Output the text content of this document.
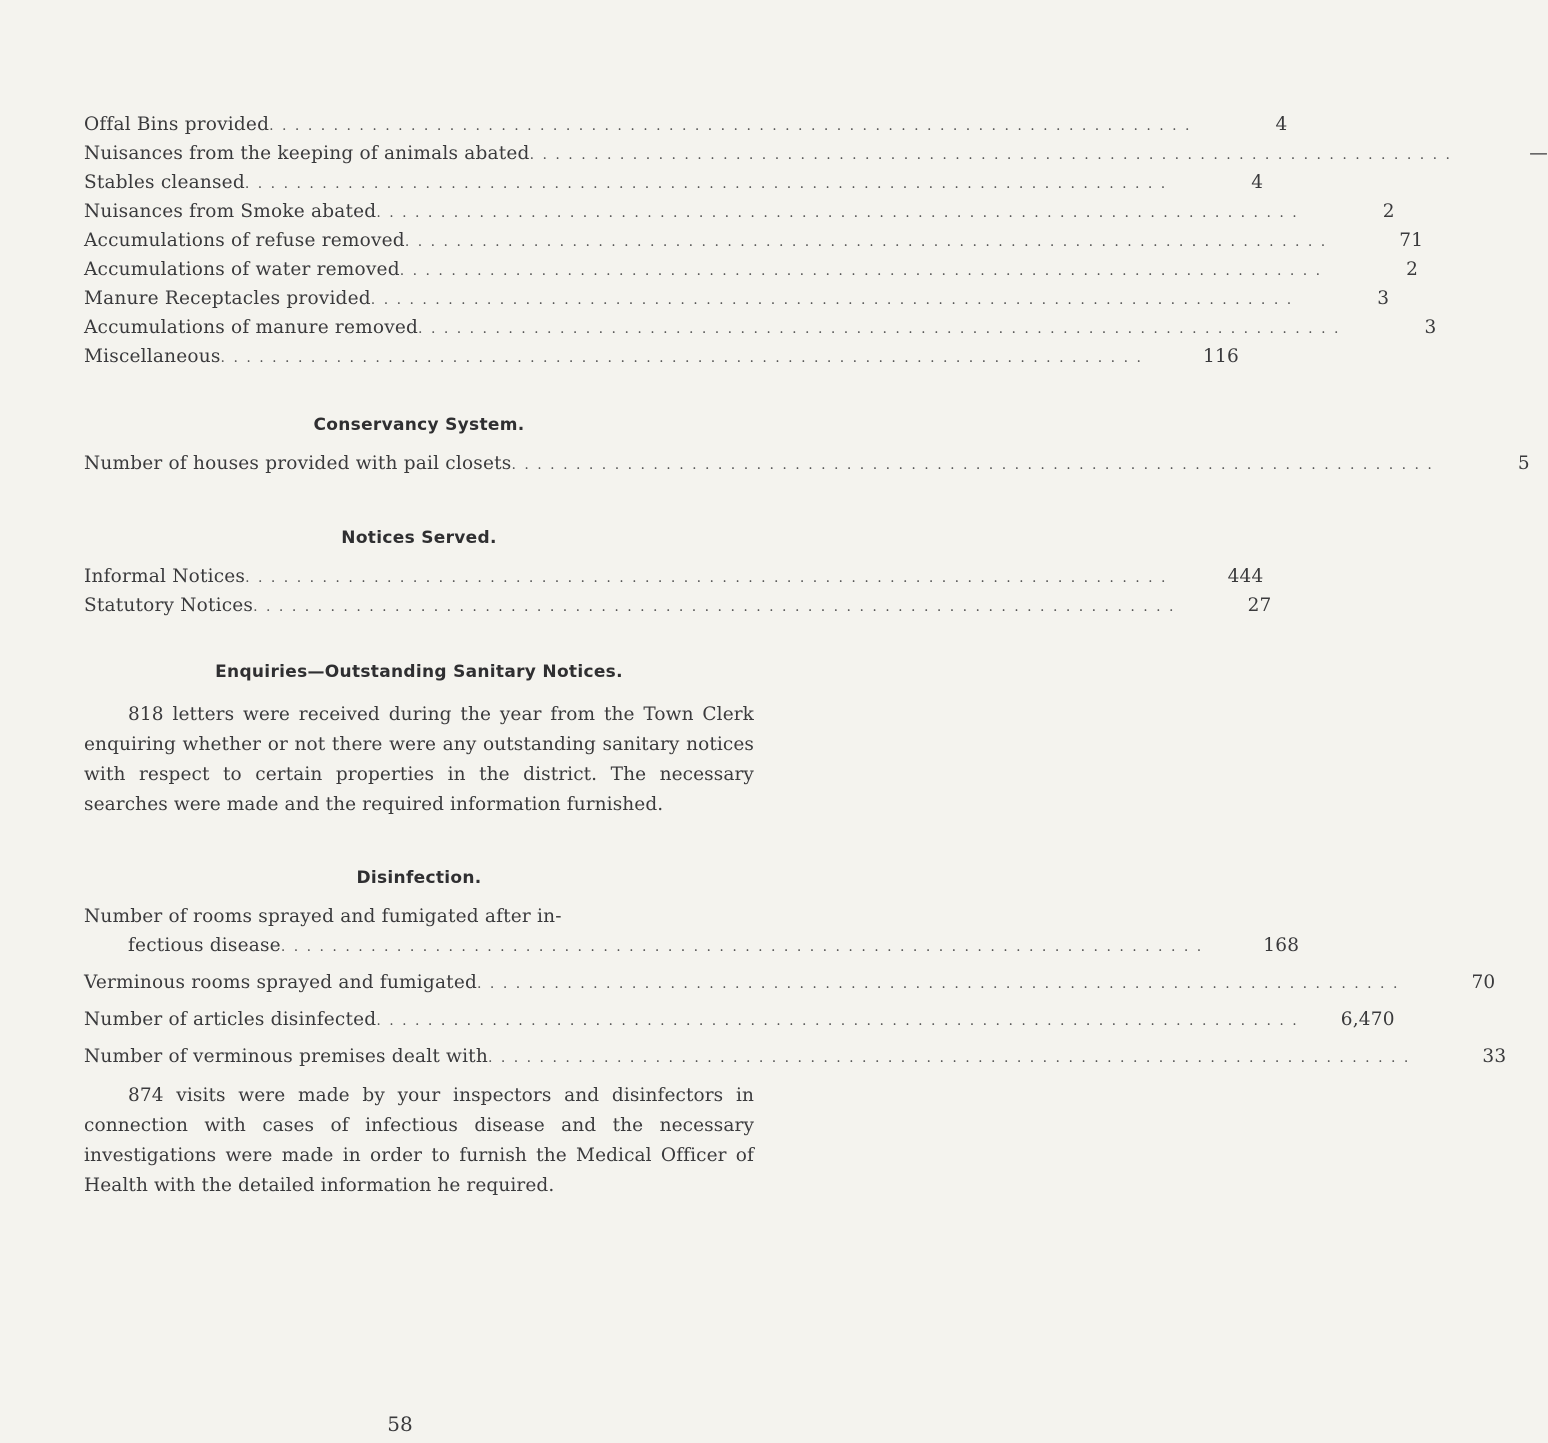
Offal Bins provided . . . . . . . . . . . . . . . . . . . . . . . . . . . . . . . . . . . . . . . . . . . . . . . . . . . . . . . . . . . . . . . . . . . . . . . .	4
Nuisances from the keeping of animals abated . . . . . . . . . . . . . . . . . . . . . . . . . . . . . . . . . . . . . . . . . . . . . . . . . . . . . . . . . . . . . . . . . . . . . . . .	—
Stables cleansed . . . . . . . . . . . . . . . . . . . . . . . . . . . . . . . . . . . . . . . . . . . . . . . . . . . . . . . . . . . . . . . . . . . . . . . .	4
Nuisances from Smoke abated . . . . . . . . . . . . . . . . . . . . . . . . . . . . . . . . . . . . . . . . . . . . . . . . . . . . . . . . . . . . . . . . . . . . . . . .	2
Accumulations of refuse removed . . . . . . . . . . . . . . . . . . . . . . . . . . . . . . . . . . . . . . . . . . . . . . . . . . . . . . . . . . . . . . . . . . . . . . . .	71
Accumulations of water removed . . . . . . . . . . . . . . . . . . . . . . . . . . . . . . . . . . . . . . . . . . . . . . . . . . . . . . . . . . . . . . . . . . . . . . . .	2
Manure Receptacles provided . . . . . . . . . . . . . . . . . . . . . . . . . . . . . . . . . . . . . . . . . . . . . . . . . . . . . . . . . . . . . . . . . . . . . . . .	3
Accumulations of manure removed . . . . . . . . . . . . . . . . . . . . . . . . . . . . . . . . . . . . . . . . . . . . . . . . . . . . . . . . . . . . . . . . . . . . . . . .	3
Miscellaneous . . . . . . . . . . . . . . . . . . . . . . . . . . . . . . . . . . . . . . . . . . . . . . . . . . . . . . . . . . . . . . . . . . . . . . . .	116
Conservancy System.
Number of houses provided with pail closets . . . . . . . . . . . . . . . . . . . . . . . . . . . . . . . . . . . . . . . . . . . . . . . . . . . . . . . . . . . . . . . . . . . . . . . .	5
Notices Served.
Informal Notices . . . . . . . . . . . . . . . . . . . . . . . . . . . . . . . . . . . . . . . . . . . . . . . . . . . . . . . . . . . . . . . . . . . . . . . .	444
Statutory Notices . . . . . . . . . . . . . . . . . . . . . . . . . . . . . . . . . . . . . . . . . . . . . . . . . . . . . . . . . . . . . . . . . . . . . . . .	27
Enquiries—Outstanding Sanitary Notices.

818 letters were received during the year from the Town Clerk enquiring whether or not there were any outstanding sanitary notices with respect to certain properties in the district. The necessary searches were made and the required information furnished.

Disinfection.
Number of rooms sprayed and fumigated after in-
fectious disease . . . . . . . . . . . . . . . . . . . . . . . . . . . . . . . . . . . . . . . . . . . . . . . . . . . . . . . . . . . . . . . . . . . . . . . .	168
Verminous rooms sprayed and fumigated . . . . . . . . . . . . . . . . . . . . . . . . . . . . . . . . . . . . . . . . . . . . . . . . . . . . . . . . . . . . . . . . . . . . . . . .	70
Number of articles disinfected . . . . . . . . . . . . . . . . . . . . . . . . . . . . . . . . . . . . . . . . . . . . . . . . . . . . . . . . . . . . . . . . . . . . . . . .	6,470
Number of verminous premises dealt with . . . . . . . . . . . . . . . . . . . . . . . . . . . . . . . . . . . . . . . . . . . . . . . . . . . . . . . . . . . . . . . . . . . . . . . .	33

874 visits were made by your inspectors and disinfectors in connection with cases of infectious disease and the necessary investigations were made in order to furnish the Medical Officer of Health with the detailed information he required.

58
